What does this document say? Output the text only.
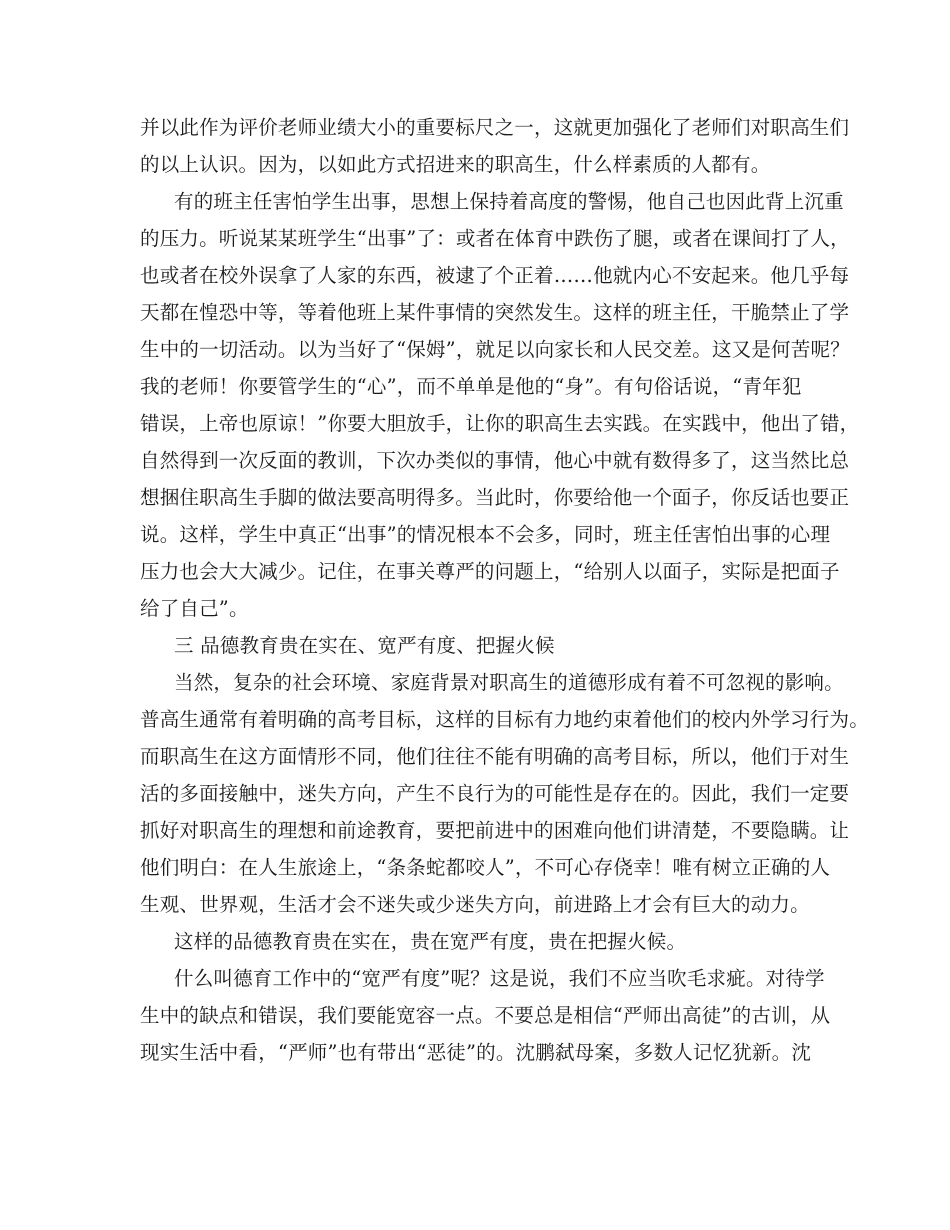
并以此作为评价老师业绩大小的重要标尺之一，这就更加强化了老师们对职高生们
的以上认识。因为，以如此方式招进来的职高生，什么样素质的人都有。
有的班主任害怕学生出事，思想上保持着高度的警惕，他自己也因此背上沉重
的压力。听说某某班学生“出事”了：或者在体育中跌伤了腿，或者在课间打了人，
也或者在校外误拿了人家的东西，被逮了个正着……他就内心不安起来。他几乎每
天都在惶恐中等，等着他班上某件事情的突然发生。这样的班主任，干脆禁止了学
生中的一切活动。以为当好了“保姆”，就足以向家长和人民交差。这又是何苦呢？
我的老师！你要管学生的“心”，而不单单是他的“身”。有句俗话说，“青年犯
错误，上帝也原谅！”你要大胆放手，让你的职高生去实践。在实践中，他出了错，
自然得到一次反面的教训，下次办类似的事情，他心中就有数得多了，这当然比总
想捆住职高生手脚的做法要高明得多。当此时，你要给他一个面子，你反话也要正
说。这样，学生中真正“出事”的情况根本不会多，同时，班主任害怕出事的心理
压力也会大大减少。记住，在事关尊严的问题上，“给别人以面子，实际是把面子
给了自己”。
三 品德教育贵在实在、宽严有度、把握火候
当然，复杂的社会环境、家庭背景对职高生的道德形成有着不可忽视的影响。
普高生通常有着明确的高考目标，这样的目标有力地约束着他们的校内外学习行为。
而职高生在这方面情形不同，他们往往不能有明确的高考目标，所以，他们于对生
活的多面接触中，迷失方向，产生不良行为的可能性是存在的。因此，我们一定要
抓好对职高生的理想和前途教育，要把前进中的困难向他们讲清楚，不要隐瞒。让
他们明白：在人生旅途上，“条条蛇都咬人”，不可心存侥幸！唯有树立正确的人
生观、世界观，生活才会不迷失或少迷失方向，前进路上才会有巨大的动力。
这样的品德教育贵在实在，贵在宽严有度，贵在把握火候。
什么叫德育工作中的“宽严有度”呢？这是说，我们不应当吹毛求疵。对待学
生中的缺点和错误，我们要能宽容一点。不要总是相信“严师出高徒”的古训，从
现实生活中看，“严师”也有带出“恶徒”的。沈鹏弑母案，多数人记忆犹新。沈
